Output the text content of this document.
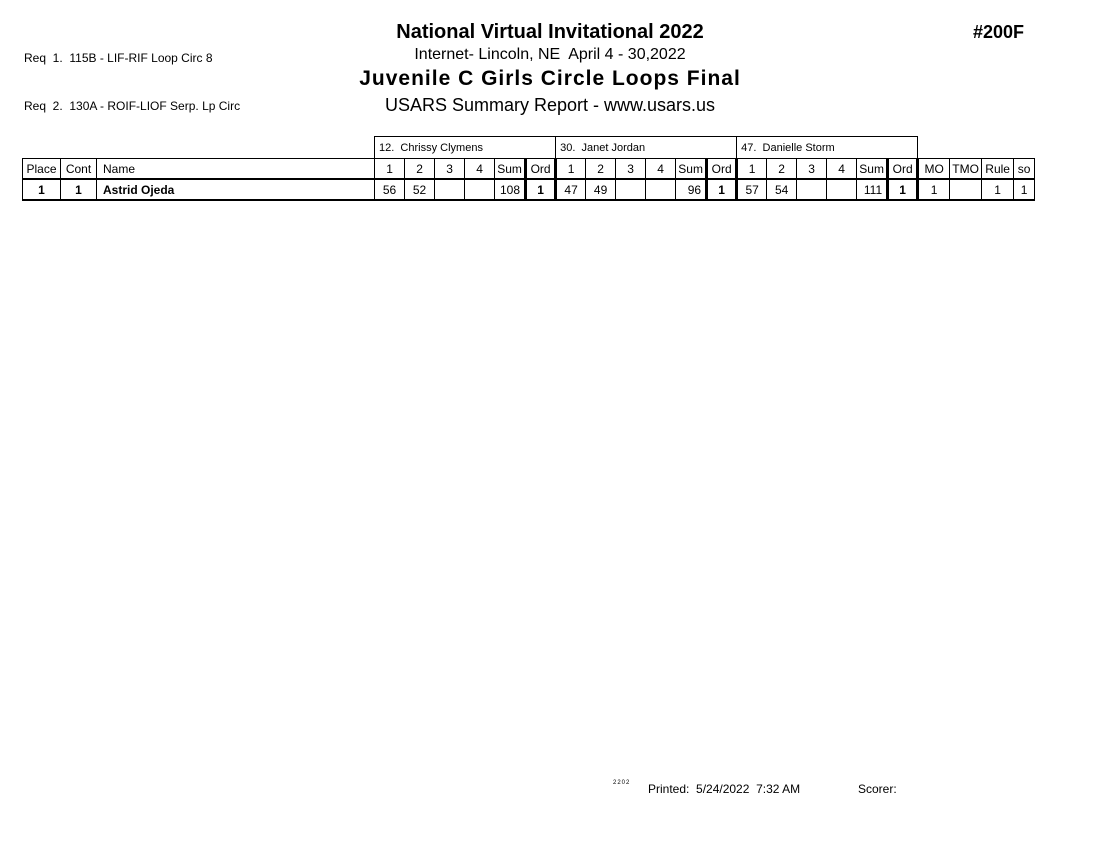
Req  1.  115B - LIF-RIF Loop Circ 8

Req  2.  130A - ROIF-LIOF Serp. Lp Circ

National Virtual Invitational 2022
Internet- Lincoln, NE  April 4 - 30,2022
Juvenile C Girls Circle Loops Final
USARS Summary Report - www.usars.us
#200F
			12.  Chrissy Clymens						30.  Janet Jordan						47.  Danielle Storm									
Place	Cont	Name	1	2	3	4	Sum	Ord	1	2	3	4	Sum	Ord	1	2	3	4	Sum	Ord	MO	TMO	Rule	so
1	1	Astrid Ojeda	56	52			108	1	47	49			96	1	57	54			111	1	1		1	1
2202 Printed:  5/24/2022  7:32 AM	Scorer:
